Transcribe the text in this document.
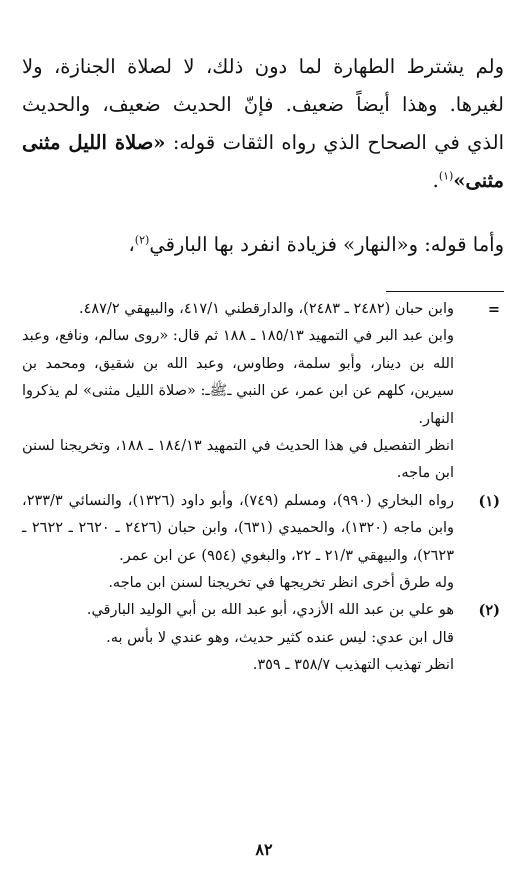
ولم يشترط الطهارة لما دون ذلك، لا لصلاة الجنازة، ولا لغيرها. وهذا أيضاً ضعيف. فإنّ الحديث ضعيف، والحديث الذي في الصحاح الذي رواه الثقات قوله: «صلاة الليل مثنى مثنى»$^{(١)}$.

وأما قوله: و«النهار» فزيادة انفرد بها البارقي$^{(٢)}$،

=

وابن حبان (٢٤٨٢ ـ ٢٤٨٣)، والدارقطني ٤١٧/١، والبيهقي ٤٨٧/٢.

وابن عبد البر في التمهيد ١٨٥/١٣ ـ ١٨٨ ثم قال: «روى سالم، ونافع، وعبد الله بن دينار، وأبو سلمة، وطاوس، وعبد الله بن شقيق، ومحمد بن سيرين، كلهم عن ابن عمر، عن النبي ـﷺـ: «صلاة الليل مثنى» لم يذكروا النهار.

انظر التفصيل في هذا الحديث في التمهيد ١٨٤/١٣ ـ ١٨٨، وتخريجنا لسنن ابن ماجه.

(١)

رواه البخاري (٩٩٠)، ومسلم (٧٤٩)، وأبو داود (١٣٢٦)، والنسائي ٢٣٣/٣، وابن ماجه (١٣٢٠)، والحميدي (٦٣١)، وابن حبان (٢٤٢٦ ـ ٢٦٢٠ ـ ٢٦٢٢ ـ ٢٦٢٣)، والبيهقي ٢١/٣ ـ ٢٢، والبغوي (٩٥٤) عن ابن عمر.

وله طرق أخرى انظر تخريجها في تخريجنا لسنن ابن ماجه.

(٢)

هو علي بن عبد الله الأزدي، أبو عبد الله بن أبي الوليد البارقي.

قال ابن عدي: ليس عنده كثير حديث، وهو عندي لا بأس به.

انظر تهذيب التهذيب ٣٥٨/٧ ـ ٣٥٩.

٨٢
